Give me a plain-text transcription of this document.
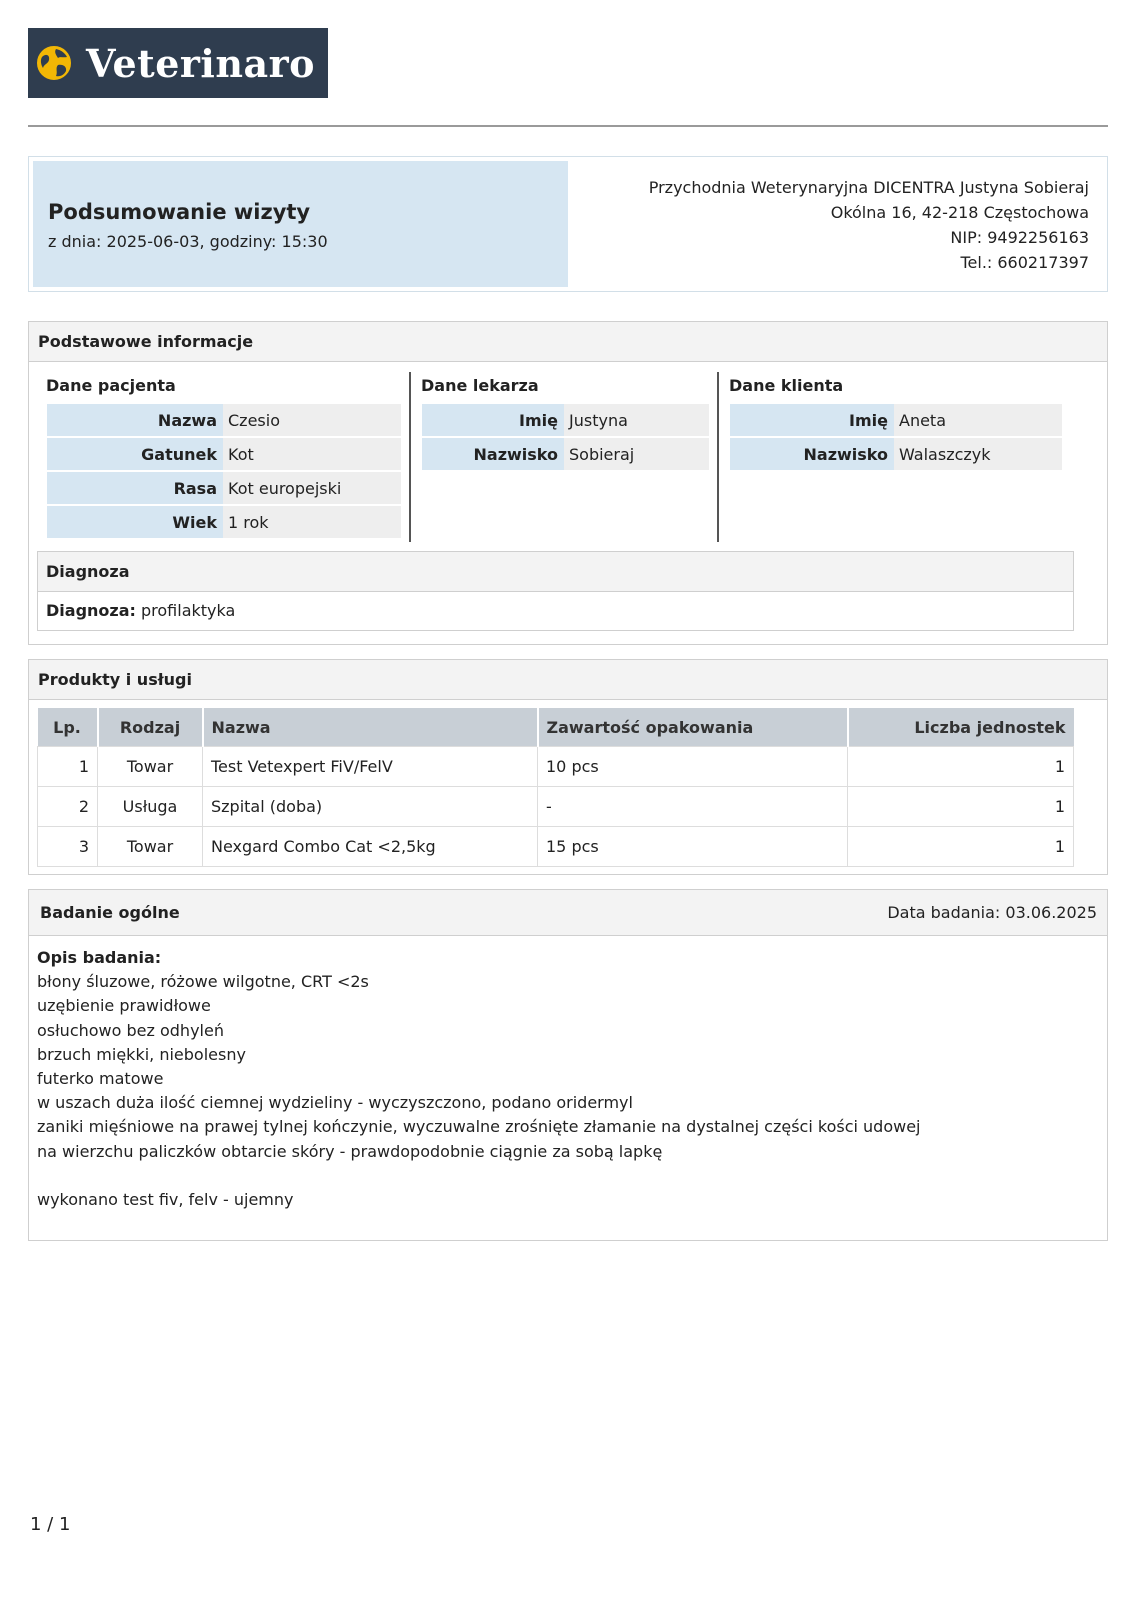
Veterinaro
Podsumowanie wizyty
z dnia: 2025-06-03, godziny: 15:30
Przychodnia Weterynaryjna DICENTRA Justyna Sobieraj
Okólna 16, 42-218 Częstochowa
NIP: 9492256163
Tel.: 660217397
Podstawowe informacje
Dane pacjenta
Nazwa	Czesio
Gatunek	Kot
Rasa	Kot europejski
Wiek	1 rok
Dane lekarza
Imię	Justyna
Nazwisko	Sobieraj
Dane klienta
Imię	Aneta
Nazwisko	Walaszczyk
Diagnoza
Diagnoza: profilaktyka
Produkty i usługi
Lp.	Rodzaj	Nazwa	Zawartość opakowania	Liczba jednostek
1	Towar	Test Vetexpert FiV/FelV	10 pcs	1
2	Usługa	Szpital (doba)	-	1
3	Towar	Nexgard Combo Cat <2,5kg	15 pcs	1
Badanie ogólne	Data badania: 03.06.2025
Opis badania:
błony śluzowe, różowe wilgotne, CRT <2s
uzębienie prawidłowe
osłuchowo bez odhyleń
brzuch miękki, niebolesny
futerko matowe
w uszach duża ilość ciemnej wydzieliny - wyczyszczono, podano oridermyl
zaniki mięśniowe na prawej tylnej kończynie, wyczuwalne zrośnięte złamanie na dystalnej części kości udowej
na wierzchu paliczków obtarcie skóry - prawdopodobnie ciągnie za sobą lapkę
wykonano test fiv, felv - ujemny
1 / 1
